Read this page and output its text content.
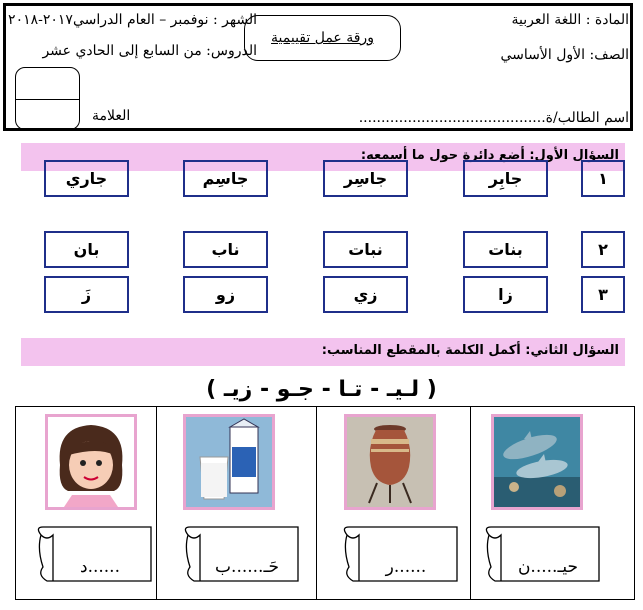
المادة : اللغة العربية
الصف: الأول الأساسي
اسم الطالب/ة..........................................
ورقة عمل تقييمية
الشهر : نوفمبر – العام الدراسي٢٠١٧-٢٠١٨
الدروس: من السابع إلى الحادي عشر
العلامة
السؤال الأول: أضع دائرة حول ما أسمعه:
١
جابِر
جاسِر
جاسِم
جاري
٢
بنات
نبات
ناب
بان
٣
زا
زي
زو
زَ
السؤال الثاني: أكمل الكلمة بالمقطع المناسب:
( لـيـ - تـا - جـو - زيـ )
حيـ.....ن
......ر
حَـ......ب
......د
